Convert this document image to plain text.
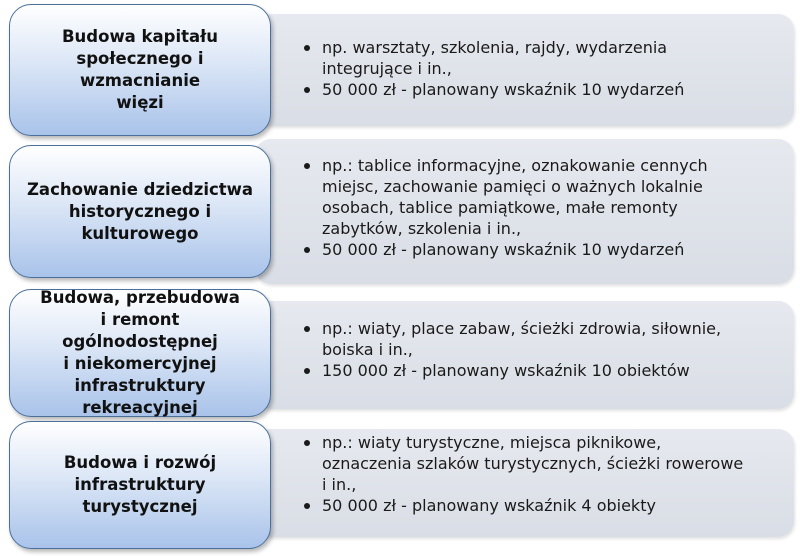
Budowa kapitału
społecznego i wzmacnianie
więzi
np. warsztaty, szkolenia, rajdy, wydarzenia
integrujące i in.,
50 000 zł - planowany wskaźnik 10 wydarzeń
Zachowanie dziedzictwa
historycznego i kulturowego
np.: tablice informacyjne, oznakowanie cennych
miejsc, zachowanie pamięci o ważnych lokalnie
osobach, tablice pamiątkowe, małe remonty
zabytków, szkolenia i in.,
50 000 zł - planowany wskaźnik 10 wydarzeń
Budowa, przebudowa
i remont ogólnodostępnej
i niekomercyjnej
infrastruktury rekreacyjnej
np.: wiaty, place zabaw, ścieżki zdrowia, siłownie,
boiska i in.,
150 000 zł - planowany wskaźnik 10 obiektów
Budowa i rozwój
infrastruktury turystycznej
np.: wiaty turystyczne, miejsca piknikowe,
oznaczenia szlaków turystycznych, ścieżki rowerowe
i in.,
50 000 zł - planowany wskaźnik 4 obiekty
